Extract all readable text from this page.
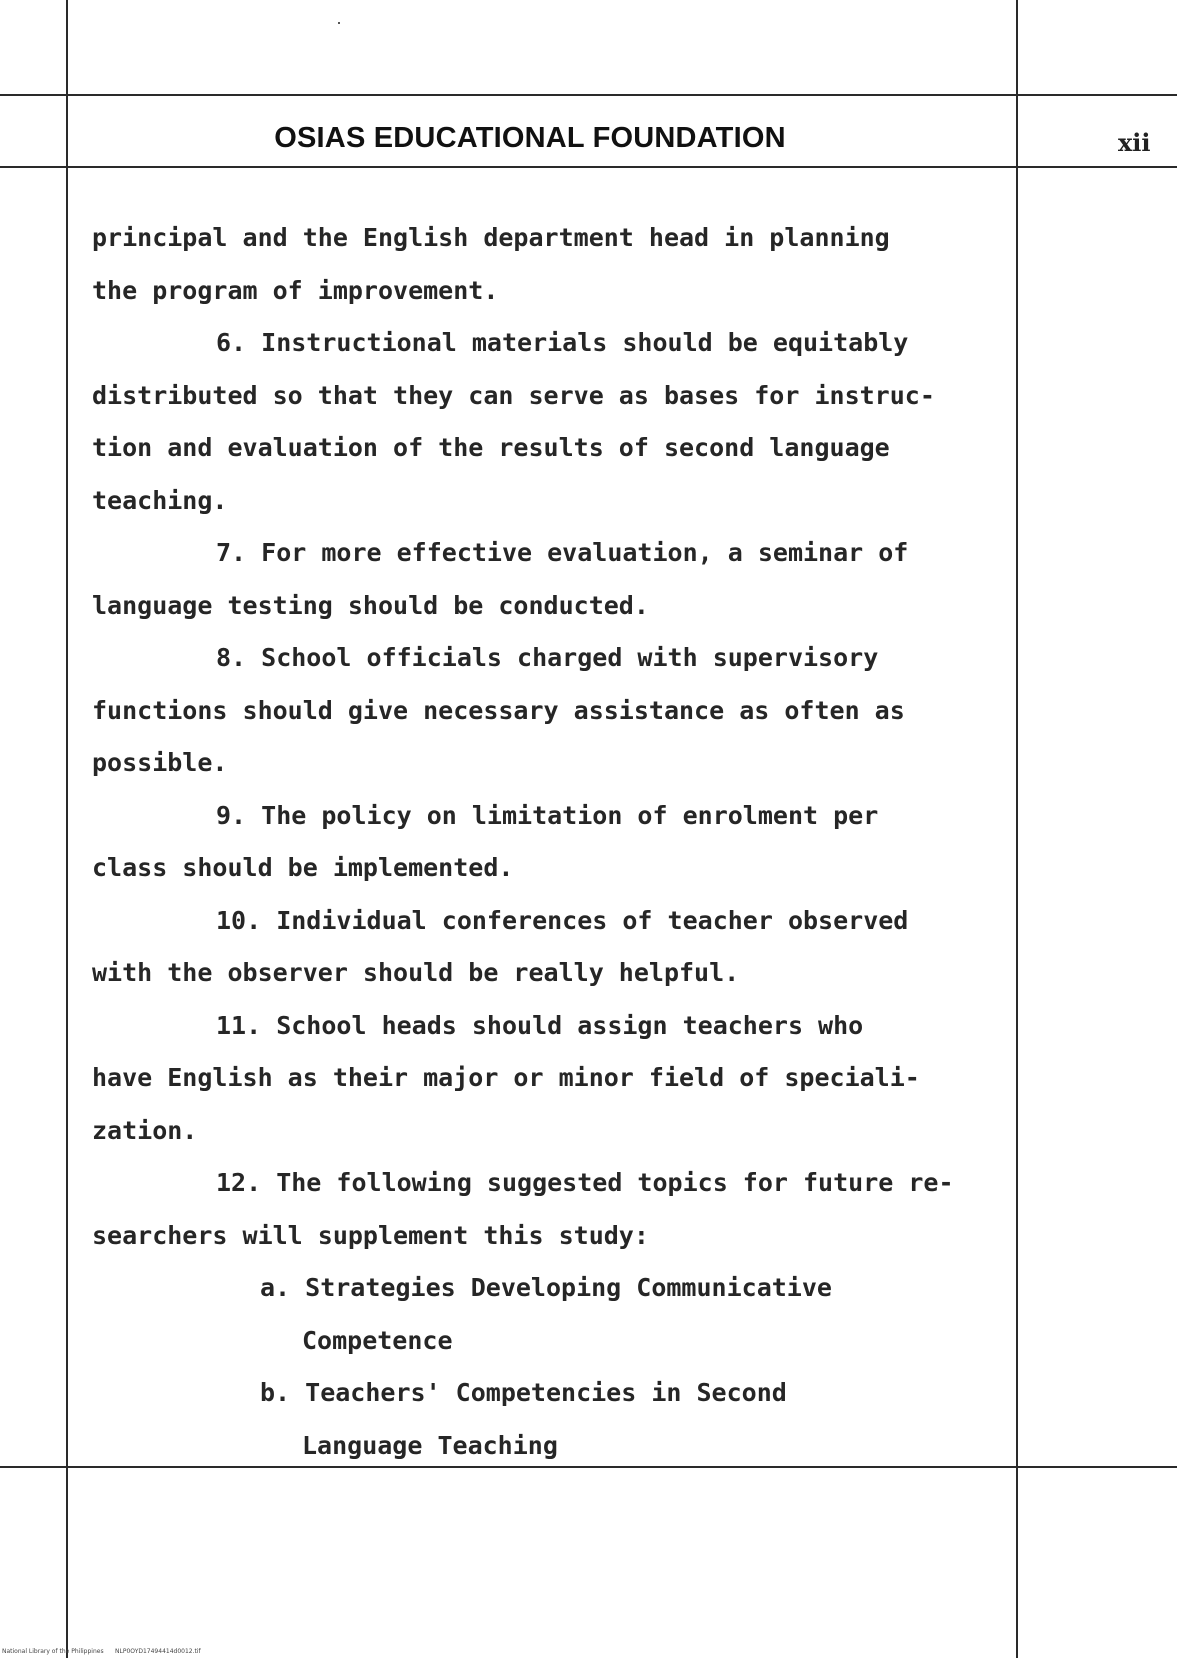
OSIAS EDUCATIONAL FOUNDATION	xii
principal and the English department head in planning
the program of improvement.
6. Instructional materials should be equitably
distributed so that they can serve as bases for instruc-
tion and evaluation of the results of second language
teaching.
7. For more effective evaluation, a seminar of
language testing should be conducted.
8. School officials charged with supervisory
functions should give necessary assistance as often as
possible.
9. The policy on limitation of enrolment per
class should be implemented.
10. Individual conferences of teacher observed
with the observer should be really helpful.
11. School heads should assign teachers who
have English as their major or minor field of speciali-
zation.
12. The following suggested topics for future re-
searchers will supplement this study:
a. Strategies Developing Communicative
Competence
b. Teachers' Competencies in Second
Language Teaching
National Library of the Philippines NLP0OYD17494414d0012.tif
